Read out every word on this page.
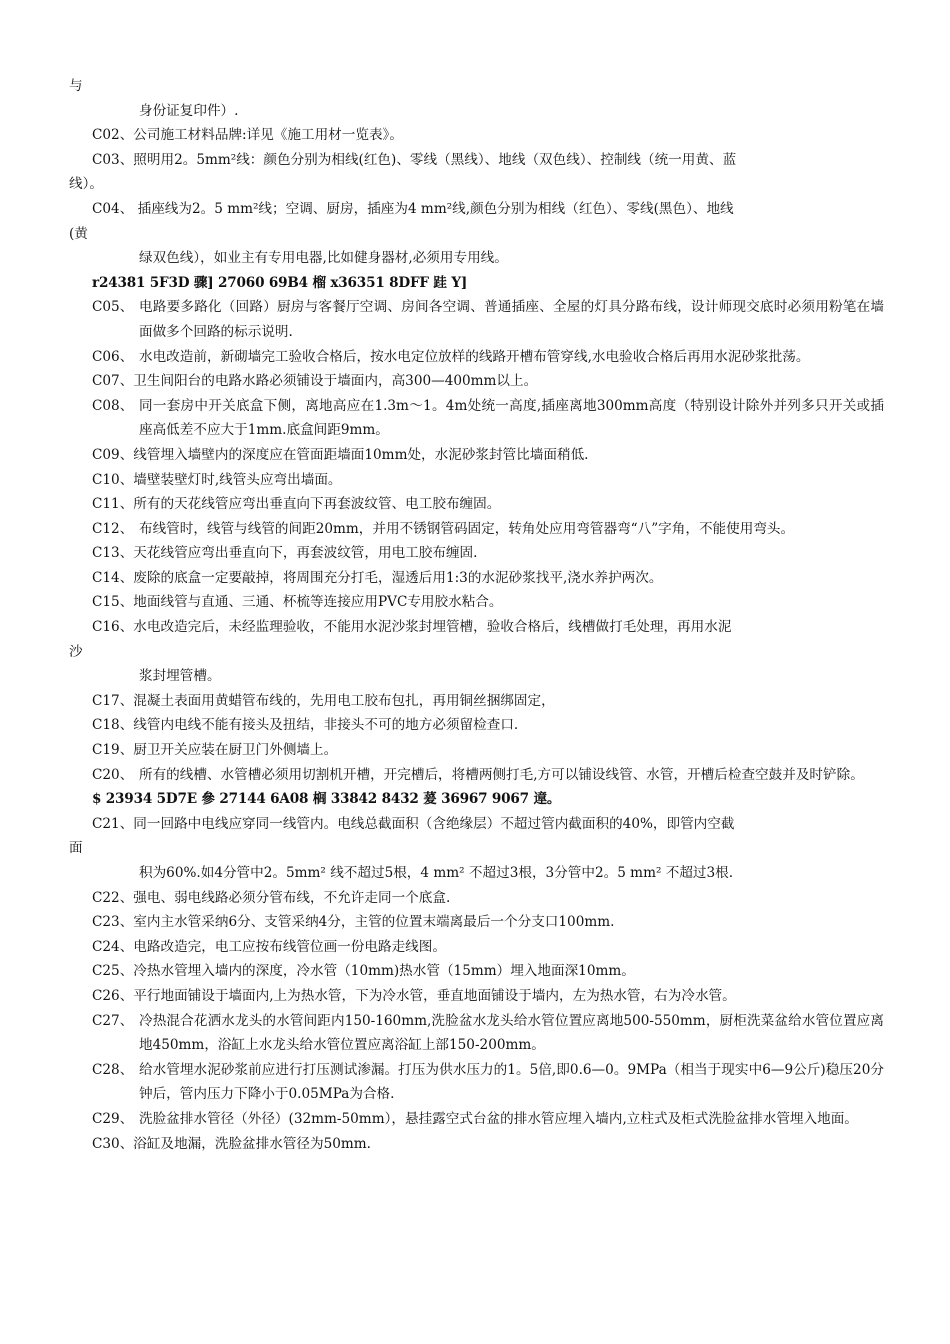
与
身份证复印件）.
C02、公司施工材料品牌:详见《施工用材一览表》。
C03、照明用2。5mm²线：颜色分别为相线(红色)、零线（黑线）、地线（双色线）、控制线（统一用黄、蓝
线）。
C04、 插座线为2。5 mm²线；空调、厨房，插座为4 mm²线,颜色分别为相线（红色）、零线(黑色）、地线
(黄
绿双色线），如业主有专用电器,比如健身器材,必须用专用线。
r24381 5F3D 骤] 27060 69B4 榴 x36351 8DFF 跬 Y]
C05、 电路要多路化（回路）厨房与客餐厅空调、房间各空调、普通插座、全屋的灯具分路布线，设计师现交底时必须用粉笔在墙面做多个回路的标示说明.
C06、 水电改造前，新砌墙完工验收合格后，按水电定位放样的线路开槽布管穿线,水电验收合格后再用水泥砂浆批荡。
C07、卫生间阳台的电路水路必须铺设于墙面内，高300—400mm以上。
C08、 同一套房中开关底盒下侧，离地高应在1.3m～1。4m处统一高度,插座离地300mm高度（特别设计除外并列多只开关或插座高低差不应大于1mm.底盒间距9mm。
C09、线管埋入墙壁内的深度应在管面距墙面10mm处，水泥砂浆封管比墙面稍低.
C10、墙壁装壁灯时,线管头应弯出墙面。
C11、所有的天花线管应弯出垂直向下再套波纹管、电工胶布缠固。
C12、 布线管时，线管与线管的间距20mm，并用不锈钢管码固定，转角处应用弯管器弯“八”字角，不能使用弯头。
C13、天花线管应弯出垂直向下，再套波纹管，用电工胶布缠固.
C14、废除的底盒一定要敲掉，将周围充分打毛，湿透后用1:3的水泥砂浆找平,浇水养护两次。
C15、地面线管与直通、三通、杯梳等连接应用PVC专用胶水粘合。
C16、水电改造完后，未经监理验收，不能用水泥沙浆封埋管槽，验收合格后，线槽做打毛处理，再用水泥
沙
浆封埋管槽。
C17、混凝土表面用黄蜡管布线的，先用电工胶布包扎，再用铜丝捆绑固定，
C18、线管内电线不能有接头及扭结，非接头不可的地方必须留检查口.
C19、厨卫开关应装在厨卫门外侧墙上。
C20、 所有的线槽、水管槽必须用切割机开槽，开完槽后，将槽两侧打毛,方可以铺设线管、水管，开槽后检查空鼓并及时铲除。
$ 23934 5D7E 參 27144 6A08 榈 33842 8432 萲 36967 9067 遧。
C21、同一回路中电线应穿同一线管内。电线总截面积（含绝缘层）不超过管内截面积的40%，即管内空截
面
积为60%.如4分管中2。5mm² 线不超过5根，4 mm² 不超过3根，3分管中2。5 mm² 不超过3根.
C22、强电、弱电线路必须分管布线，不允许走同一个底盒.
C23、室内主水管采纳6分、支管采纳4分，主管的位置末端离最后一个分支口100mm.
C24、电路改造完，电工应按布线管位画一份电路走线图。
C25、冷热水管埋入墙内的深度，冷水管（10mm)热水管（15mm）埋入地面深10mm。
C26、平行地面铺设于墙面内,上为热水管，下为冷水管，垂直地面铺设于墙内，左为热水管，右为冷水管。
C27、 冷热混合花洒水龙头的水管间距内150-160mm,洗脸盆水龙头给水管位置应离地500-550mm，厨柜洗菜盆给水管位置应离地450mm，浴缸上水龙头给水管位置应离浴缸上部150-200mm。
C28、 给水管埋水泥砂浆前应进行打压测试渗漏。打压为供水压力的1。5倍,即0.6—0。9MPa（相当于现实中6—9公斤)稳压20分钟后，管内压力下降小于0.05MPa为合格.
C29、 洗脸盆排水管径（外径）(32mm-50mm），悬挂露空式台盆的排水管应埋入墙内,立柱式及柜式洗脸盆排水管埋入地面。
C30、浴缸及地漏，洗脸盆排水管径为50mm.
